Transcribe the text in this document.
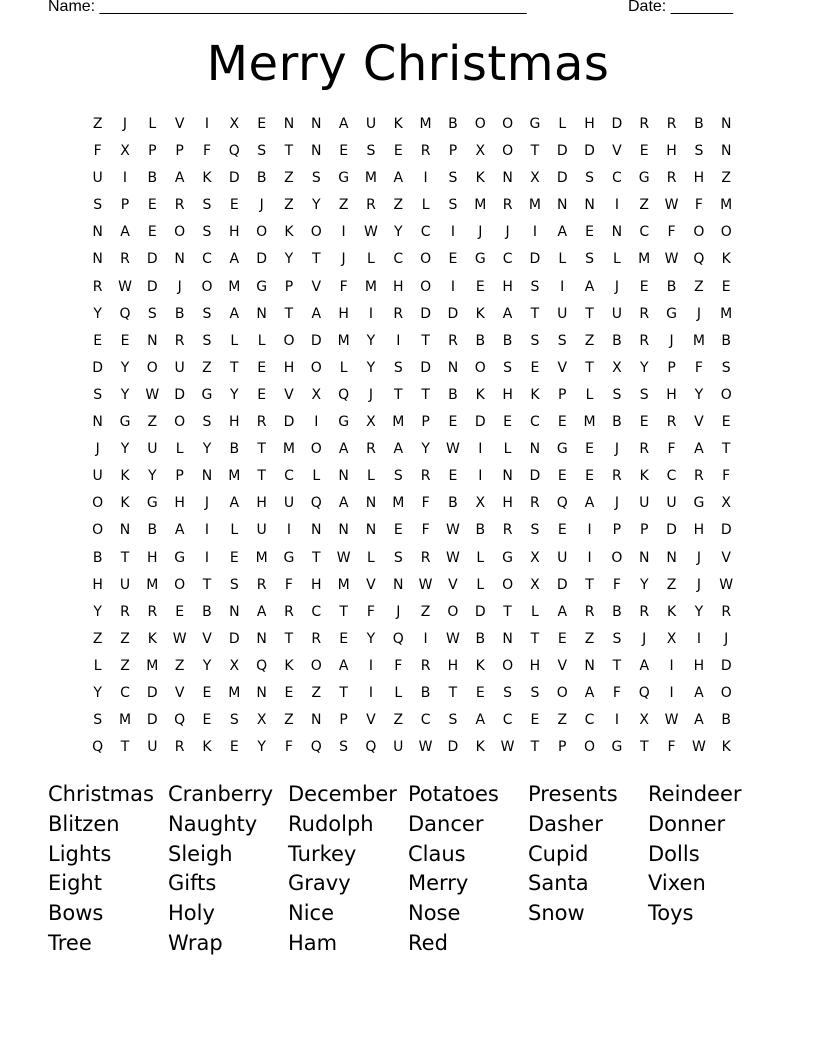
Name: ________________________________________________	Date: _______
Merry Christmas
Z	J	L	V	I	X	E	N	N	A	U	K	M	B	O	O	G	L	H	D	R	R	B	N
F	X	P	P	F	Q	S	T	N	E	S	E	R	P	X	O	T	D	D	V	E	H	S	N
U	I	B	A	K	D	B	Z	S	G	M	A	I	S	K	N	X	D	S	C	G	R	H	Z
S	P	E	R	S	E	J	Z	Y	Z	R	Z	L	S	M	R	M	N	N	I	Z	W	F	M
N	A	E	O	S	H	O	K	O	I	W	Y	C	I	J	J	I	A	E	N	C	F	O	O
N	R	D	N	C	A	D	Y	T	J	L	C	O	E	G	C	D	L	S	L	M	W	Q	K
R	W	D	J	O	M	G	P	V	F	M	H	O	I	E	H	S	I	A	J	E	B	Z	E
Y	Q	S	B	S	A	N	T	A	H	I	R	D	D	K	A	T	U	T	U	R	G	J	M
E	E	N	R	S	L	L	O	D	M	Y	I	T	R	B	B	S	S	Z	B	R	J	M	B
D	Y	O	U	Z	T	E	H	O	L	Y	S	D	N	O	S	E	V	T	X	Y	P	F	S
S	Y	W	D	G	Y	E	V	X	Q	J	T	T	B	K	H	K	P	L	S	S	H	Y	O
N	G	Z	O	S	H	R	D	I	G	X	M	P	E	D	E	C	E	M	B	E	R	V	E
J	Y	U	L	Y	B	T	M	O	A	R	A	Y	W	I	L	N	G	E	J	R	F	A	T
U	K	Y	P	N	M	T	C	L	N	L	S	R	E	I	N	D	E	E	R	K	C	R	F
O	K	G	H	J	A	H	U	Q	A	N	M	F	B	X	H	R	Q	A	J	U	U	G	X
O	N	B	A	I	L	U	I	N	N	N	E	F	W	B	R	S	E	I	P	P	D	H	D
B	T	H	G	I	E	M	G	T	W	L	S	R	W	L	G	X	U	I	O	N	N	J	V
H	U	M	O	T	S	R	F	H	M	V	N	W	V	L	O	X	D	T	F	Y	Z	J	W
Y	R	R	E	B	N	A	R	C	T	F	J	Z	O	D	T	L	A	R	B	R	K	Y	R
Z	Z	K	W	V	D	N	T	R	E	Y	Q	I	W	B	N	T	E	Z	S	J	X	I	J
L	Z	M	Z	Y	X	Q	K	O	A	I	F	R	H	K	O	H	V	N	T	A	I	H	D
Y	C	D	V	E	M	N	E	Z	T	I	L	B	T	E	S	S	O	A	F	Q	I	A	O
S	M	D	Q	E	S	X	Z	N	P	V	Z	C	S	A	C	E	Z	C	I	X	W	A	B
Q	T	U	R	K	E	Y	F	Q	S	Q	U	W	D	K	W	T	P	O	G	T	F	W	K
Christmas Cranberry December Potatoes	Presents	Reindeer
Blitzen	Naughty	Rudolph	Dancer	Dasher	Donner
Lights	Sleigh	Turkey	Claus	Cupid	Dolls
Eight	Gifts	Gravy	Merry	Santa	Vixen
Bows	Holy	Nice	Nose	Snow	Toys
Tree	Wrap	Ham	Red
